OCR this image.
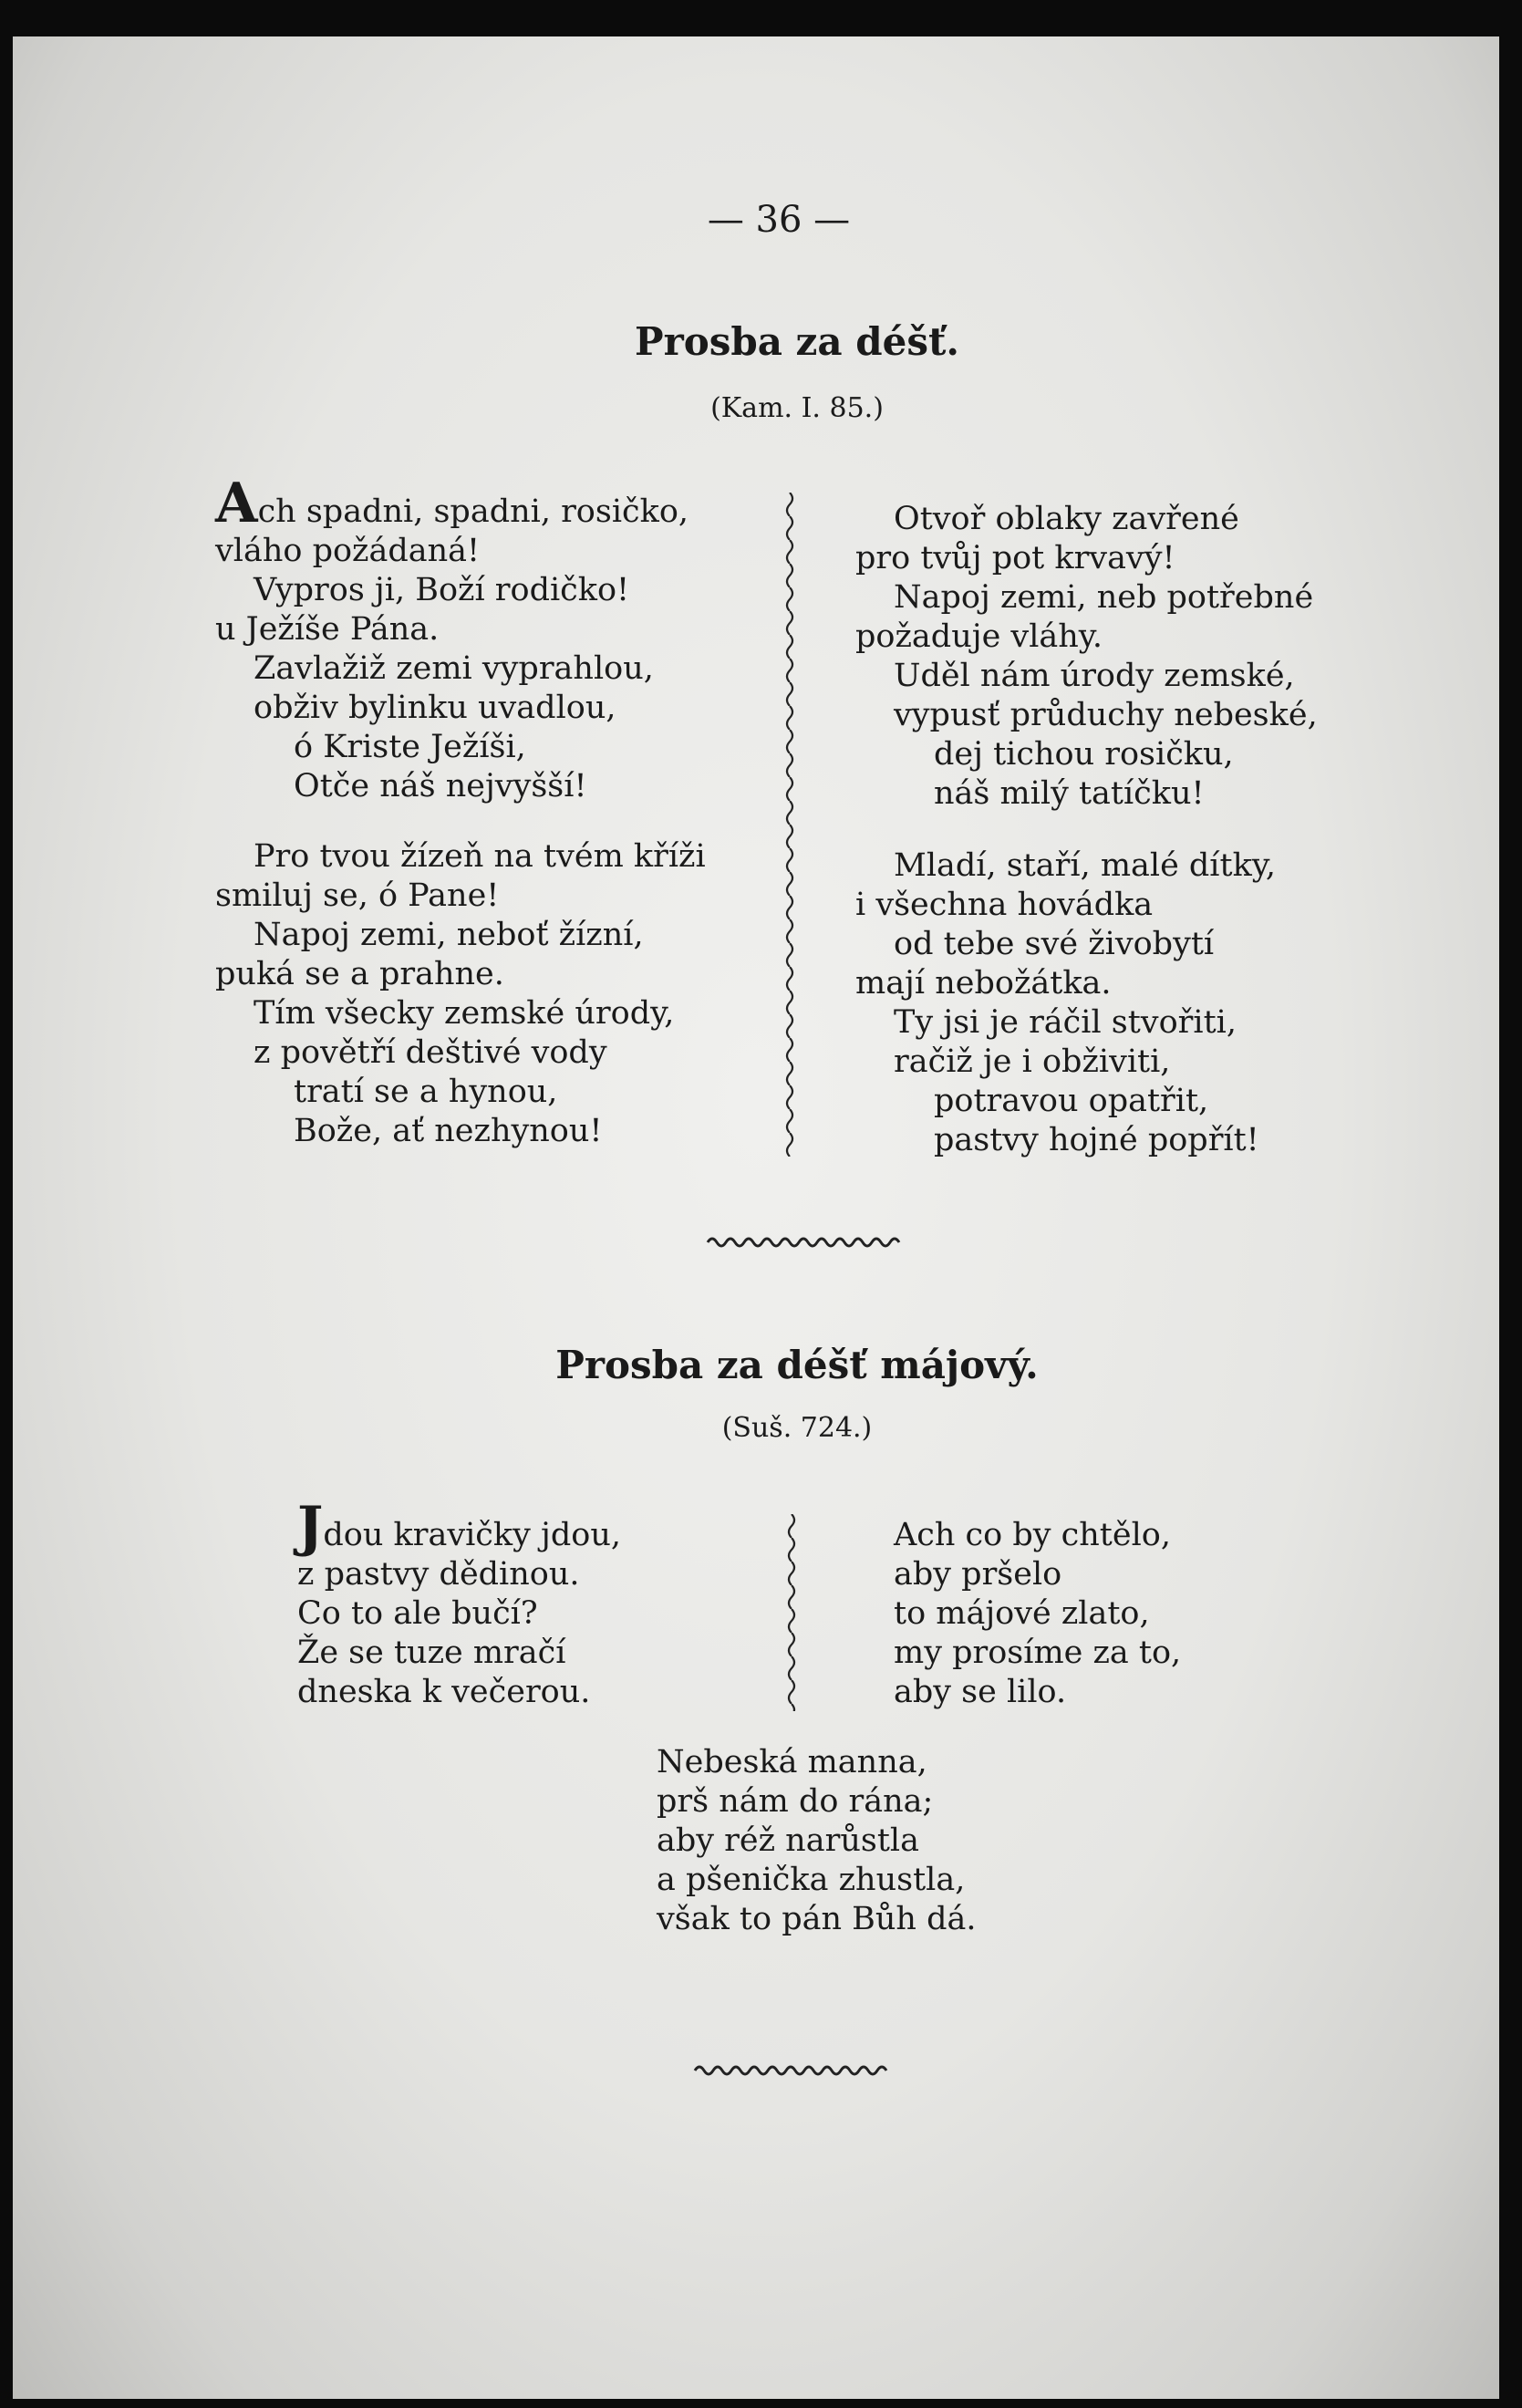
— 36 —
Prosba za déšť.
(Kam. I. 85.)
Ach spadni, spadni, rosičko,
vláho požádaná!
Vypros ji, Boží rodičko!
u Ježíše Pána.
Zavlažiž zemi vyprahlou,
obživ bylinku uvadlou,
ó Kriste Ježíši,
Otče náš nejvyšší!
Pro tvou žízeň na tvém kříži
smiluj se, ó Pane!
Napoj zemi, neboť žízní,
puká se a prahne.
Tím všecky zemské úrody,
z povětří deštivé vody
tratí se a hynou,
Bože, ať nezhynou!
Otvoř oblaky zavřené
pro tvůj pot krvavý!
Napoj zemi, neb potřebné
požaduje vláhy.
Uděl nám úrody zemské,
vypusť průduchy nebeské,
dej tichou rosičku,
náš milý tatíčku!
Mladí, staří, malé dítky,
i všechna hovádka
od tebe své živobytí
mají nebožátka.
Ty jsi je ráčil stvořiti,
račiž je i obživiti,
potravou opatřit,
pastvy hojné popřít!
Prosba za déšť májový.
(Suš. 724.)
Jdou kravičky jdou,
z pastvy dědinou.
Co to ale bučí?
Že se tuze mračí
dneska k večerou.
Ach co by chtělo,
aby pršelo
to májové zlato,
my prosíme za to,
aby se lilo.
Nebeská manna,
prš nám do rána;
aby réž narůstla
a pšenička zhustla,
však to pán Bůh dá.
